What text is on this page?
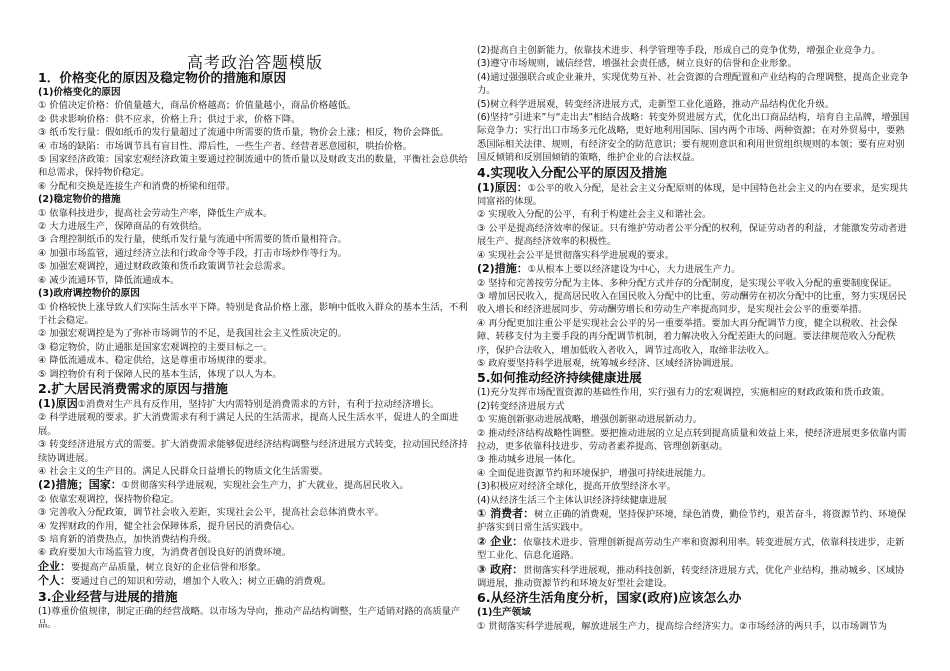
高考政治答题模版
1．价格变化的原因及稳定物价的措施和原因
(1)价格变化的原因
① 价值决定价格：价值量越大，商品价格越高；价值量越小，商品价格越低。
② 供求影响价格：供不应求，价格上升；供过于求，价格下降。
③ 纸币发行量：假如纸币的发行量超过了流通中所需要的货币量，物价会上涨；相反，物价会降低。
④ 市场的缺陷：市场调节具有盲目性、滞后性，一些生产者、经营者恶意囤积，哄抬价格。
⑤ 国家经济政策：国家宏观经济政策主要通过控制流通中的货币量以及财政支出的数量，平衡社会总供给和总需求，保持物价稳定。
⑥ 分配和交换是连接生产和消费的桥梁和纽带。
(2)稳定物价的措施
① 依靠科技进步，提高社会劳动生产率，降低生产成本。
② 大力进展生产，保障商品的有效供给。
③ 合理控制纸币的发行量，使纸币发行量与流通中所需要的货币量相符合。
④ 加强市场监管，通过经济立法和行政命令等手段，打击市场炒作等行为。
⑤ 加强宏观调控，通过财政政策和货币政策调节社会总需求。
⑥ 减少流通环节，降低流通成本。
(3)政府调控物价的原因
① 价格较快上涨导致人们实际生活水平下降。特别是食品价格上涨，影响中低收入群众的基本生活，不利于社会稳定。
② 加强宏观调控是为了弥补市场调节的不足，是我国社会主义性质决定的。
③ 稳定物价，防止通胀是国家宏观调控的主要目标之一。
④ 降低流通成本、稳定供给，这是尊重市场规律的要求。
⑤ 调控物价有利于保障人民的基本生活，体现了以人为本。
2.扩大居民消费需求的原因与措施
(1)原因①消费对生产具有反作用，坚持扩大内需特别是消费需求的方针，有利于拉动经济增长。
② 科学进展观的要求。扩大消费需求有利于满足人民的生活需求，提高人民生活水平，促进人的全面进展。
③ 转变经济进展方式的需要。扩大消费需求能够促进经济结构调整与经济进展方式转变，拉动国民经济持续协调进展。
④ 社会主义的生产目的。满足人民群众日益增长的物质文化生活需要。
(2)措施；国家：①贯彻落实科学进展观，实现社会生产力，扩大就业，提高居民收入。
② 依靠宏观调控，保持物价稳定。
③ 完善收入分配政策，调节社会收入差距，实现社会公平，提高社会总体消费水平。
④ 发挥财政的作用，健全社会保障体系，提升居民的消费信心。
⑤ 培育新的消费热点，加快消费结构升级。
⑥ 政府要加大市场监管力度，为消费者创设良好的消费环境。
企业：要提高产品质量，树立良好的企业信誉和形象。
个人：要通过自己的知识和劳动，增加个人收入；树立正确的消费观。
3.企业经营与进展的措施
(1)尊重价值规律，制定正确的经营战略。以市场为导向，推动产品结构调整，生产适销对路的高质量产品。
(2)提高自主创新能力，依靠技术进步、科学管理等手段，形成自己的竞争优势，增强企业竞争力。
(3)遵守市场规则，诚信经营，增强社会责任感，树立良好的信誉和企业形象。
(4)通过强强联合或企业兼并，实现优势互补、社会资源的合理配置和产业结构的合理调整，提高企业竞争力。
(5)树立科学进展观，转变经济进展方式，走新型工业化道路，推动产品结构优化升级。
(6)坚持“引进来”与“走出去”相结合战略：转变外贸进展方式，优化出口商品结构，培育自主品牌，增强国际竞争力；实行出口市场多元化战略，更好地利用国际、国内两个市场、两种资源；在对外贸易中，要熟悉国际相关法律、规则，有经济安全的防范意识；要有规则意识和利用世贸组织规则的本领；要有应对别国反倾销和反别国倾销的策略，维护企业的合法权益。
4.实现收入分配公平的原因及措施
(1)原因：①公平的收入分配，是社会主义分配原则的体现，是中国特色社会主义的内在要求，是实现共同富裕的体现。
② 实现收入分配的公平，有利于构建社会主义和谐社会。
③ 公平是提高经济效率的保证。只有维护劳动者公平分配的权利，保证劳动者的利益，才能激发劳动者进展生产、提高经济效率的积极性。
④ 实现社会公平是贯彻落实科学进展观的要求。
(2)措施：①从根本上要以经济建设为中心，大力进展生产力。
② 坚持和完善按劳分配为主体、多种分配方式并存的分配制度，是实现公平收入分配的重要制度保证。
③ 增加居民收入，提高居民收入在国民收入分配中的比重、劳动酬劳在初次分配中的比重，努力实现居民收入增长和经济进展同步、劳动酬劳增长和劳动生产率提高同步，是实现社会公平的重要举措。
④ 再分配更加注重公平是实现社会公平的另一重要举措。要加大再分配调节力度，健全以税收、社会保障、转移支付为主要手段的再分配调节机制，着力解决收入分配差距大的问题。要法律规范收入分配秩序，保护合法收入，增加低收入者收入，调节过高收入，取缔非法收入。
⑤ 政府要坚持科学进展观，统筹城乡经济、区域经济协调进展。
5.如何推动经济持续健康进展
(1)充分发挥市场配置资源的基础性作用，实行强有力的宏观调控，实施相应的财政政策和货币政策。
(2)转变经济进展方式
① 实施创新驱动进展战略，增强创新驱动进展新动力。
② 推动经济结构战略性调整。要把推动进展的立足点转到提高质量和效益上来，使经济进展更多依靠内需拉动，更多依靠科技进步、劳动者素养提高、管理创新驱动。
③ 推动城乡进展一体化。
④ 全面促进资源节约和环境保护，增强可持续进展能力。
(3)积极应对经济全球化，提高开放型经济水平。
(4)从经济生活三个主体认识经济持续健康进展
① 消费者：树立正确的消费观，坚持保护环境，绿色消费，勤俭节约，艰苦奋斗，将资源节约、环境保护落实到日常生活实践中。
② 企业：依靠技术进步、管理创新提高劳动生产率和资源利用率。转变进展方式，依靠科技进步，走新型工业化、信息化道路。
③ 政府：贯彻落实科学进展观，推动科技创新，转变经济进展方式，优化产业结构，推动城乡、区域协调进展，推动资源节约和环境友好型社会建设。
6.从经济生活角度分析，国家(政府)应该怎么办
(1)生产领域
① 贯彻落实科学进展观，解放进展生产力，提高综合经济实力。②市场经济的两只手，以市场调节为
